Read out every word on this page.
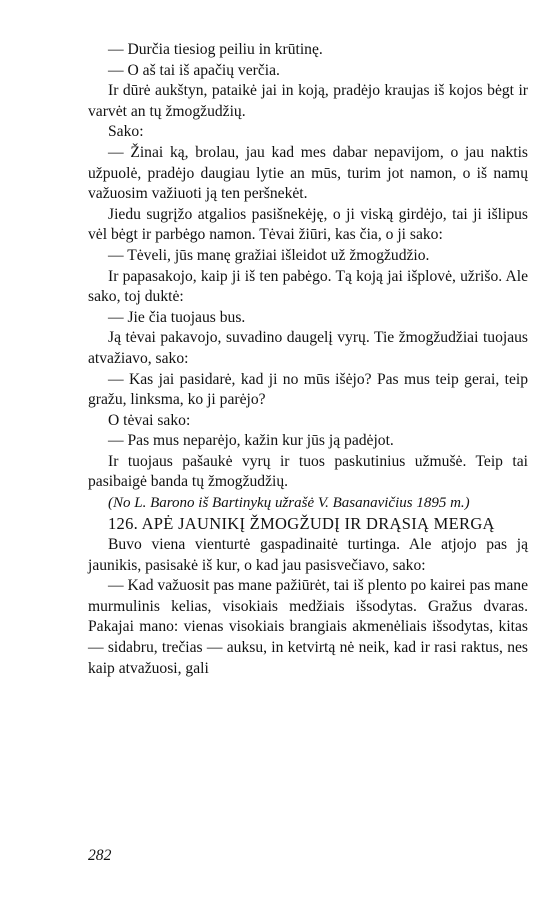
— Durčia tiesiog peiliu in krūtinę.

— O aš tai iš apačių verčia.

Ir dūrė aukštyn, pataikė jai in koją, pradėjo kraujas iš kojos bėgt ir varvėt an tų žmogžudžių.

Sako:

— Žinai ką, brolau, jau kad mes dabar nepavijom, o jau naktis užpuolė, pradėjo daugiau lytie an mūs, turim jot namon, o iš namų važuosim važiuoti ją ten peršnekėt.

Jiedu sugrįžo atgalios pasišnekėję, o ji viską girdėjo, tai ji išlipus vėl bėgt ir parbėgo namon. Tėvai žiūri, kas čia, o ji sako:

— Tėveli, jūs manę gražiai išleidot už žmogžudžio.

Ir papasakojo, kaip ji iš ten pabėgo. Tą koją jai išplovė, užrišo. Ale sako, toj duktė:

— Jie čia tuojaus bus.

Ją tėvai pakavojo, suvadino daugelį vyrų. Tie žmogžudžiai tuojaus atvažiavo, sako:

— Kas jai pasidarė, kad ji no mūs išėjo? Pas mus teip gerai, teip gražu, linksma, ko ji parėjo?

O tėvai sako:

— Pas mus neparėjo, kažin kur jūs ją padėjot.

Ir tuojaus pašaukė vyrų ir tuos paskutinius užmušė. Teip tai pasibaigė banda tų žmogžudžių.

(No L. Barono iš Bartinykų užrašė V. Basanavičius 1895 m.)

126. APĖ JAUNIKĮ ŽMOGŽUDĮ IR DRĄSIĄ MERGĄ

Buvo viena vienturtė gaspadinaitė turtinga. Ale atjojo pas ją jaunikis, pasisakė iš kur, o kad jau pasisvečiavo, sako:

— Kad važuosit pas mane pažiūrėt, tai iš plento po kairei pas mane murmulinis kelias, visokiais medžiais išsodytas. Gražus dvaras. Pakajai mano: vienas visokiais brangiais akmenėliais išsodytas, kitas — sidabru, trečias — auksu, in ketvirtą nė neik, kad ir rasi raktus, nes kaip atvažuosi, gali

282
